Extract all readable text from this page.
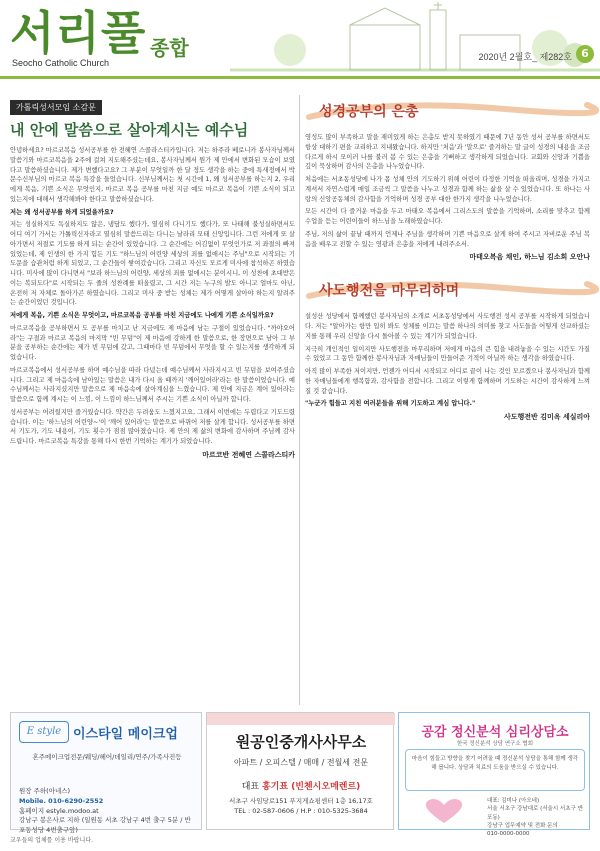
서리풀
Seocho Catholic Church
종합	2020년 2월호_ 제282호 6
가톨릭성서모임 소감문
내 안에 말씀으로 살아계시는 예수님

안녕하세요? 마르코복음 성서공부를 한 전혜연 스콜라스티카입니다. 저는 하주라 베로니카 봉사자님께서 말씀기와 마르코복음을 2주에 걸쳐 지도해주셨는데요, 봉사자님께서 뭔가 제 안에서 변화된 모습이 보였다고 말씀하셨습니다. 제가 변했다고요? 그 부분이 무엇일까 한 달 정도 생각을 하는 중에 특새정에서 박문수신부님의 마르코 복음 특강을 들었습니다. 신부님께서는 첫 시간에 1, 왜 성서공부를 하는지 2, 우리에게 복음, 기쁜 소식은 무엇인지, 마르코 복음 공부를 마친 지금 예도 마르코 복음이 기쁜 소식이 되고 있는지에 대해서 생각해봐야 한다고 말씀하셨습니다.

저는 왜 성서공부를 하게 되었을까요?

저는 성실하지도 독실하지도 않은, 냉담도 했다가, 열심히 다니기도 했다가, 또 나태해 불성실하면서도 어디 여기 가서는 가톨릭신자라고 열심히 말씀드리는 다니는 날라리 모태 신앙입니다. 그런 저에게 또 살아가면서 저절로 기도를 하게 되는 순간이 있었습니다. 그 순간에는 어김없이 무엇인가로 저 좌절의 빠져 있었는데, 제 인생의 한 가지 힘든 기도 "하느님의 어린양 세상의 죄를 없애시는 주님"으로 시작되는 기도문을 습관처럼 하게 되었고, 그 순간들이 쌓여갔습니다. 그리고 자신도 모르게 미사에 참석하곤 하였습니다. 미사에 많이 다니면서 "보라 하느님의 어린양, 세상의 죄를 없애시는 분이시니, 이 성찬에 초대받은 이는 복되도다"로 시작되는 두 줄의 성찬례를 떠올렸고, 그 시간 저는 누구의 발도 아니고 얼마도 아닌, 온전히 저 자체로 돌아가곤 하였습니다. 그리고 미사 중 받는 성체는 제가 어떻게 살아야 하는지 알려주는 순간이었던 것입니다.

저에게 복음, 기쁜 소식은 무엇이고, 마르코복음 공부를 마친 지금에도 나에게 기쁜 소식일까요?

마르코복음을 공부하면서 도 공부를 마치고 난 지금에도 제 마음에 남는 구절이 있었습니다. "까야오어라"는 구절과 마르코 복음의 마지막 "빈 무덤"이 제 마음에 강하게 한 말씀으로, 한 장면으로 남아 그 부분을 공부하는 순간에는 제가 빈 무덤에 갔고, 그때마다 빈 무덤에서 무엇을 할 수 있는지를 생각하게 되었습니다.

마르코복음에서 성서공부를 하며 예수님을 따라 다녔는데 예수님께서 사라지시고 빈 무덤을 보여주셨습니다. 그리고 제 마음속에 남아있는 말씀은 내가 다시 올 때까지 '깨어있어라'라는 한 말씀이었습니다. 예수님께서는 사라지셨지만 말씀으로 제 마음속에 살아계심을 느꼈습니다. 제 안에 지금은 계어 있어라는 말씀으로 함께 계시는 이 느낌, 이 느낌이 하느님께서 주시는 기쁜 소식이 아닐까 합니다.

성서공부는 어려웠지만 즐거웠습니다. 약간은 두려움도 느꼈지고요, 그래서 이번에는 두렵다고 기도드렸습니다. 이는 '하느님의 어린양~'이 '깨어 있어라'는 말씀으로 바뀌어 저를 살게 합니다. 성서공부를 하면서 기도가, 기도 내용이, 기도 횟수가 점점 많아졌습니다. 제 안의 제 삶의 변화에 감사하며 주님께 감사드립니다. 마르코복음 특강을 통해 다시 한번 기억하는 계기가 되었습니다.

마르코반 전혜연 스콜라스티카
성경공부의 은총

영성도 많이 부족하고 말을 재미있게 하는 은총도 받지 못하였기 때문에 7년 동안 성서 공부를 하면서도 항상 대하기 편을 교리하고 지내왔습니다. 하지만 '처음'과 '말으로' 즐겨하는 말 글이 성경의 내용을 조금 다르게 하시 모이러 나를 불러 봄 수 있는 은총을 기뻐하고 생각하게 되었습니다. 교회와 신앙과 기쁨을 깊이 묵상하며 감사의 은총을 나누었습니다.

처음에는 서초동성당에 나가 몸 성체 안의 기도하기 위해 어린이 다정한 기억을 떠올리며, 성경을 가지고 계셔서 자연스럽게 매일 조금씩 그 말씀을 나누고 성경과 함께 하는 삶을 살 수 있었습니다. 또 하나는 사랑의 신앙공동체의 감사함을 기억하며 성경 공부 대한 한가지 생각을 나누었습니다.

모든 시간이 다 즐거운 마음을 두고 마태오 복음에서 그리스도의 말씀을 기억하며, 소리를 맞추고 함께 수업을 듣는 어린이들이 하느님을 노래하였습니다.

주님, 저의 삶이 끝날 때까지 언제나 주님을 생각하며 기쁜 마음으로 살게 하여 주시고 자비로운 주님 복음을 배우고 전할 수 있는 영광과 은총을 저에게 내려주소서.

마태오복음 채인, 하느님 김소희 오안나
사도행전을 마무리하며

설성산 성당에서 함께했던 봉사자님의 소개로 서초동성당에서 사도행전 성서 공부를 시작하게 되었습니다. 저는 "알아가는 항만 입히 봐도 성체를 이끄는 말씀 하나의 의미를 찾고 사도들을 어떻게 선교하셨는지를 통해 우리 신앙을 다시 돌아볼 수 있는 계기가 되었습니다.

지극히 개인적인 일이지만 사도행전을 마무리하며 저에게 마음의 큰 힘을 내려놓을 수 있는 시간도 가질 수 있었고 그 동안 함께한 봉사자님과 자매님들이 만들어준 기적이 아닐까 하는 생각을 하였습니다.

아직 많이 부족한 저이지만, 언젠가 어디서 시작되고 어디로 끝이 나는 것인 모르겠으나 봉사자님과 함께한 자매님들에게 행복함과, 감사함을 전합니다. 그리고 이렇게 함께하며 기도하는 시간이 감사하게 느껴질 것 같습니다.

"누군가 힘들고 지친 여러분들을 위해 기도하고 계심 압니다."

사도행전반 김미옥 세실리아
E style 이스타일 메이크업
혼주메이크업전문/웨딩/헤어/데일리/연주/가족사진등
원장 주하(아네스)
Mobile. 010-6290-2552
홈페이지 estyle.modoo.at
강남구 봉은사로 지하 (일원동 서초 강남구 4번 출구 5분 / 반포동성당 4번출구앞)
원공인중개사사무소
아파트 / 오피스텔 / 매매 / 전월세 전문
대표 홍기표 (빈첸시오메렌르)
서초구 사임당로151 푸지게쇼핑센터 1층 16,17호
TEL : 02-587-0606 / H.P : 010-5325-3684
공감 정신분석 심리상담소
한국 정신분석 상담 연구소 협회
마음이 힘들고 방향을 찾기 어려울 때 정신분석 상담을 통해 함께 생각해 봅니다. 상담과 치료의 도움을 받으실 수 있습니다.
대표: 김미나 (아오네)
서울 서초구 강남대로 (서울시 서초구 반포동)
강남구 업무예약 및 전화 문의
010-0000-0000
교우들의 업체를 이용 바랍니다.
